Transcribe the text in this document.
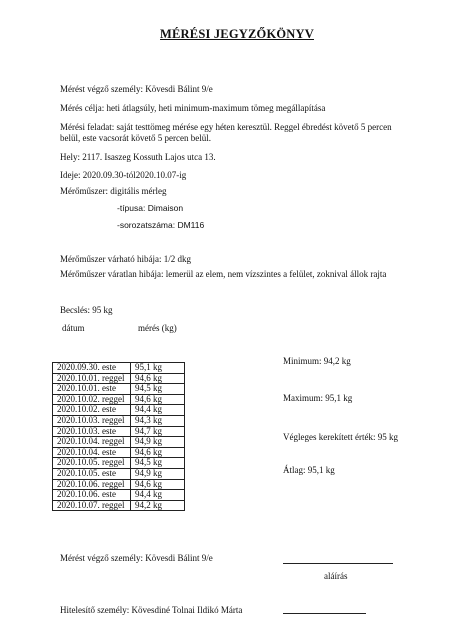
MÉRÉSI JEGYZŐKÖNYV
Mérést végző személy: Kövesdi Bálint 9/e
Mérés célja: heti átlagsúly, heti minimum-maximum tömeg megállapítása
Mérési feladat: saját testtömeg mérése egy héten keresztül. Reggel ébredést követő 5 percen
belül, este vacsorát követő 5 percen belül.
Hely: 2117. Isaszeg Kossuth Lajos utca 13.
Ideje: 2020.09.30-tól2020.10.07-ig
Mérőműszer: digitális mérleg
-típusa: Dimaison
-sorozatszáma: DM116
Mérőműszer várható hibája: 1/2 dkg
Mérőműszer váratlan hibája: lemerül az elem, nem vízszintes a felület, zoknival állok rajta
Becslés: 95 kg
dátum	mérés (kg)
2020.09.30. este	95,1 kg
2020.10.01. reggel	94,6 kg
2020.10.01. este	94,5 kg
2020.10.02. reggel	94,6 kg
2020.10.02. este	94,4 kg
2020.10.03. reggel	94,3 kg
2020.10.03. este	94,7 kg
2020.10.04. reggel	94,9 kg
2020.10.04. este	94,6 kg
2020.10.05. reggel	94,5 kg
2020.10.05. este	94,9 kg
2020.10.06. reggel	94,6 kg
2020.10.06. este	94,4 kg
2020.10.07. reggel	94,2 kg
Minimum: 94,2 kg
Maximum: 95,1 kg
Végleges kerekített érték: 95 kg
Átlag: 95,1 kg
Mérést végző személy: Kövesdi Bálint 9/e
aláírás
Hitelesítő személy: Kövesdiné Tolnai Ildikó Márta
